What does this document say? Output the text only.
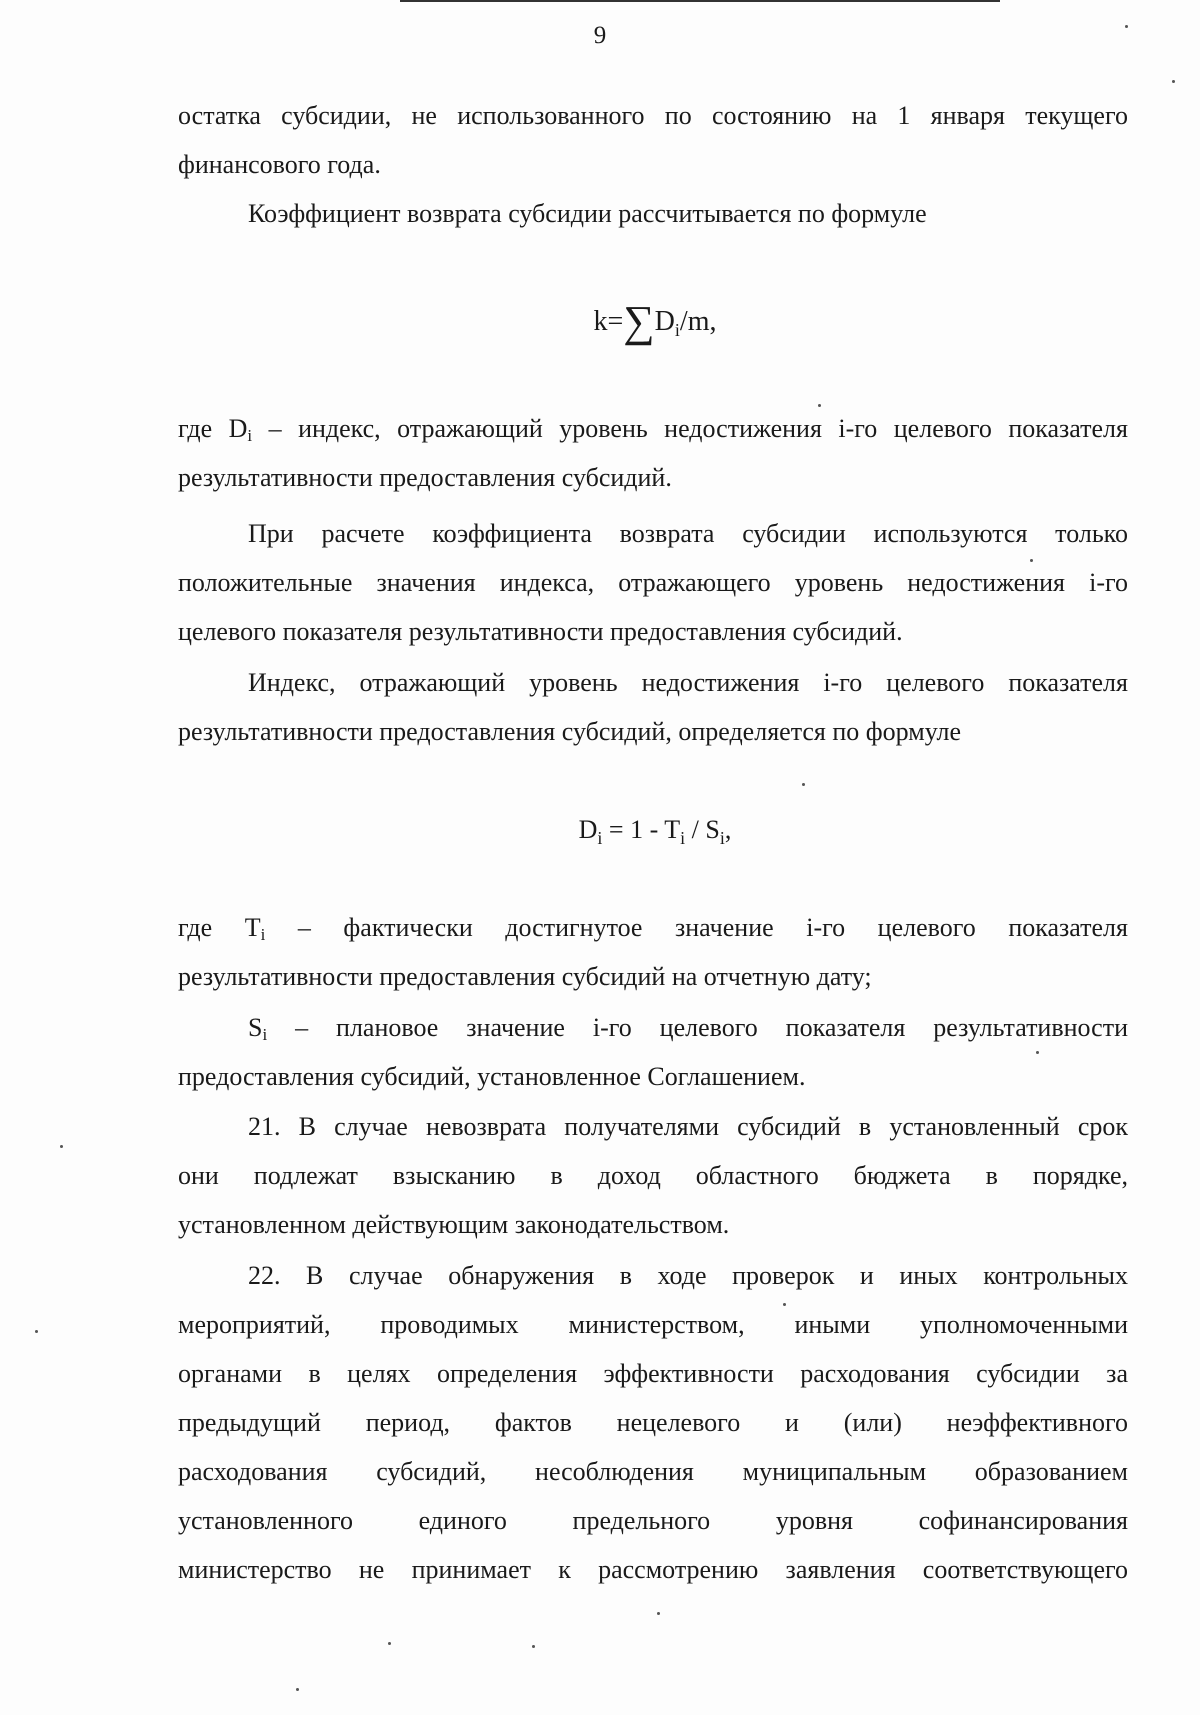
9
остатка субсидии, не использованного по состоянию на 1 января текущего
финансового года.
Коэффициент возврата субсидии рассчитывается по формуле
$k=\sum D_i/m$,
где $D_i$ – индекс, отражающий уровень недостижения i-го целевого показателя
результативности предоставления субсидий.
При расчете коэффициента возврата субсидии используются только
положительные значения индекса, отражающего уровень недостижения i-го
целевого показателя результативности предоставления субсидий.
Индекс, отражающий уровень недостижения i-го целевого показателя
результативности предоставления субсидий, определяется по формуле
$D_i = 1 - T_i / S_i$,
где $T_i$ – фактически достигнутое значение i-го целевого показателя
результативности предоставления субсидий на отчетную дату;
$S_i$ – плановое значение i-го целевого показателя результативности
предоставления субсидий, установленное Соглашением.
21. В случае невозврата получателями субсидий в установленный срок
они подлежат взысканию в доход областного бюджета в порядке,
установленном действующим законодательством.
22. В случае обнаружения в ходе проверок и иных контрольных
мероприятий, проводимых министерством, иными уполномоченными
органами в целях определения эффективности расходования субсидии за
предыдущий период, фактов нецелевого и (или) неэффективного
расходования субсидий, несоблюдения муниципальным образованием
установленного единого предельного уровня софинансирования
министерство не принимает к рассмотрению заявления соответствующего
